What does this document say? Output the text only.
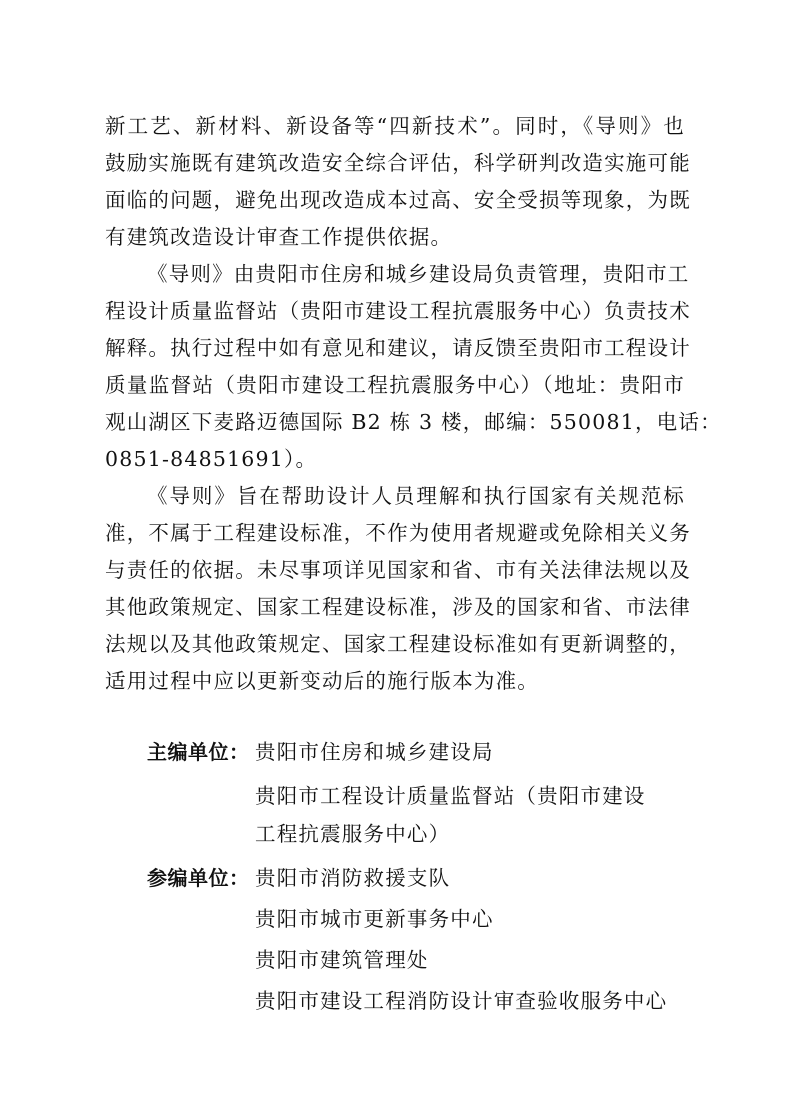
新工艺、新材料、新设备等“四新技术”。同时，《导则》也
鼓励实施既有建筑改造安全综合评估，科学研判改造实施可能
面临的问题，避免出现改造成本过高、安全受损等现象，为既
有建筑改造设计审查工作提供依据。
《导则》由贵阳市住房和城乡建设局负责管理，贵阳市工
程设计质量监督站（贵阳市建设工程抗震服务中心）负责技术
解释。执行过程中如有意见和建议，请反馈至贵阳市工程设计
质量监督站（贵阳市建设工程抗震服务中心）（地址：贵阳市
观山湖区下麦路迈德国际 B2 栋 3 楼，邮编：550081，电话：
0851-84851691）。
《导则》旨在帮助设计人员理解和执行国家有关规范标
准，不属于工程建设标准，不作为使用者规避或免除相关义务
与责任的依据。未尽事项详见国家和省、市有关法律法规以及
其他政策规定、国家工程建设标准，涉及的国家和省、市法律
法规以及其他政策规定、国家工程建设标准如有更新调整的，
适用过程中应以更新变动后的施行版本为准。
主编单位： 贵阳市住房和城乡建设局
贵阳市工程设计质量监督站（贵阳市建设
工程抗震服务中心）
参编单位： 贵阳市消防救援支队
贵阳市城市更新事务中心
贵阳市建筑管理处
贵阳市建设工程消防设计审查验收服务中心
